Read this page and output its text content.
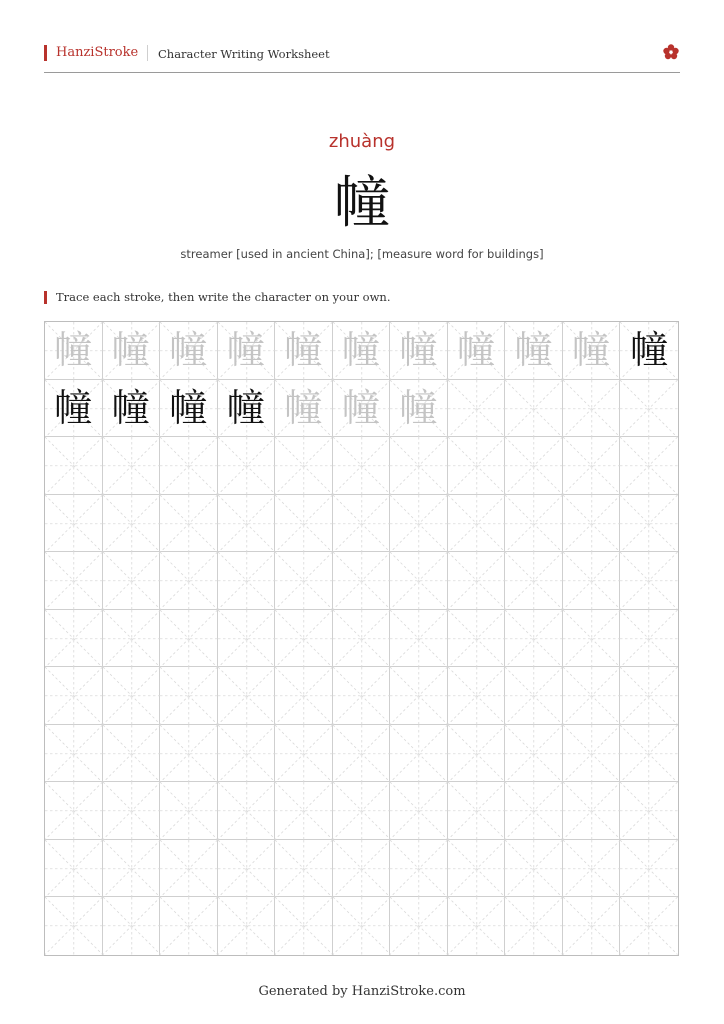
HanziStroke Character Writing Worksheet
zhuàng
幢
streamer [used in ancient China]; [measure word for buildings]
Trace each stroke, then write the character on your own.
幢 幢 幢 幢 幢 幢 幢 幢 幢 幢 幢
幢 幢 幢 幢 幢 幢 幢
Generated by HanziStroke.com
